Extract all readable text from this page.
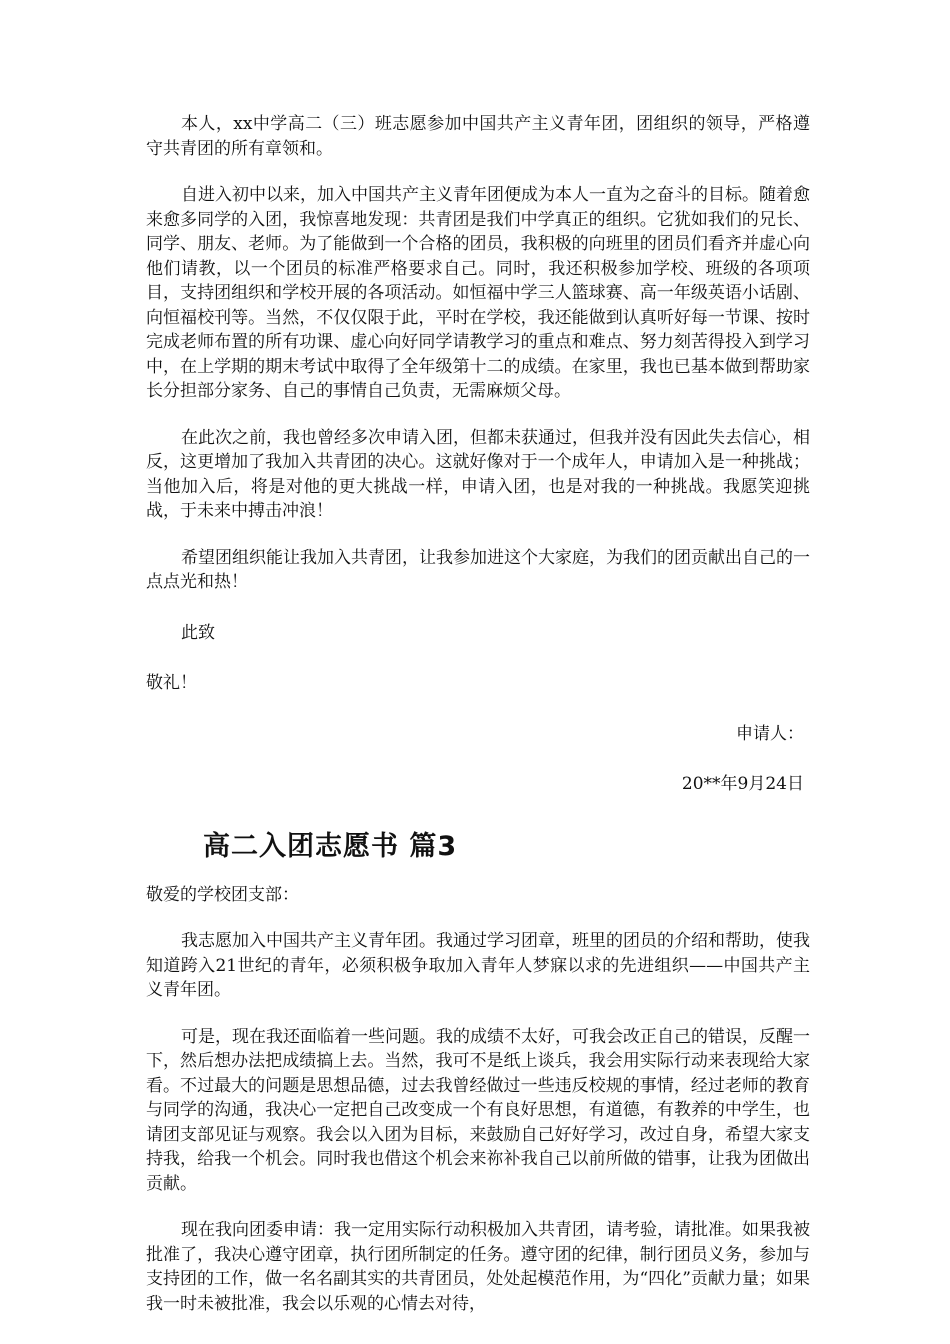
本人，xx中学高二（三）班志愿参加中国共产主义青年团，团组织的领导，严格遵守共青团的所有章领和。

自进入初中以来，加入中国共产主义青年团便成为本人一直为之奋斗的目标。随着愈来愈多同学的入团，我惊喜地发现：共青团是我们中学真正的组织。它犹如我们的兄长、同学、朋友、老师。为了能做到一个合格的团员，我积极的向班里的团员们看齐并虚心向他们请教，以一个团员的标准严格要求自己。同时，我还积极参加学校、班级的各项项目，支持团组织和学校开展的各项活动。如恒福中学三人篮球赛、高一年级英语小话剧、向恒福校刊等。当然，不仅仅限于此，平时在学校，我还能做到认真听好每一节课、按时完成老师布置的所有功课、虚心向好同学请教学习的重点和难点、努力刻苦得投入到学习中，在上学期的期末考试中取得了全年级第十二的成绩。在家里，我也已基本做到帮助家长分担部分家务、自己的事情自己负责，无需麻烦父母。

在此次之前，我也曾经多次申请入团，但都未获通过，但我并没有因此失去信心，相反，这更增加了我加入共青团的决心。这就好像对于一个成年人，申请加入是一种挑战；当他加入后，将是对他的更大挑战一样，申请入团，也是对我的一种挑战。我愿笑迎挑战，于未来中搏击冲浪！

希望团组织能让我加入共青团，让我参加进这个大家庭，为我们的团贡献出自己的一点点光和热！

此致

敬礼！

申请人：

20**年9月24日

高二入团志愿书 篇3

敬爱的学校团支部：

我志愿加入中国共产主义青年团。我通过学习团章，班里的团员的介绍和帮助，使我知道跨入21世纪的青年，必须积极争取加入青年人梦寐以求的先进组织——中国共产主义青年团。

可是，现在我还面临着一些问题。我的成绩不太好，可我会改正自己的错误，反醒一下，然后想办法把成绩搞上去。当然，我可不是纸上谈兵，我会用实际行动来表现给大家看。不过最大的问题是思想品德，过去我曾经做过一些违反校规的事情，经过老师的教育与同学的沟通，我决心一定把自己改变成一个有良好思想，有道德，有教养的中学生，也请团支部见证与观察。我会以入团为目标，来鼓励自己好好学习，改过自身，希望大家支持我，给我一个机会。同时我也借这个机会来祢补我自己以前所做的错事，让我为团做出贡献。

现在我向团委申请：我一定用实际行动积极加入共青团，请考验，请批准。如果我被批准了，我决心遵守团章，执行团所制定的任务。遵守团的纪律，制行团员义务，参加与支持团的工作，做一名名副其实的共青团员，处处起模范作用，为“四化”贡献力量；如果我一时未被批准，我会以乐观的心情去对待，
